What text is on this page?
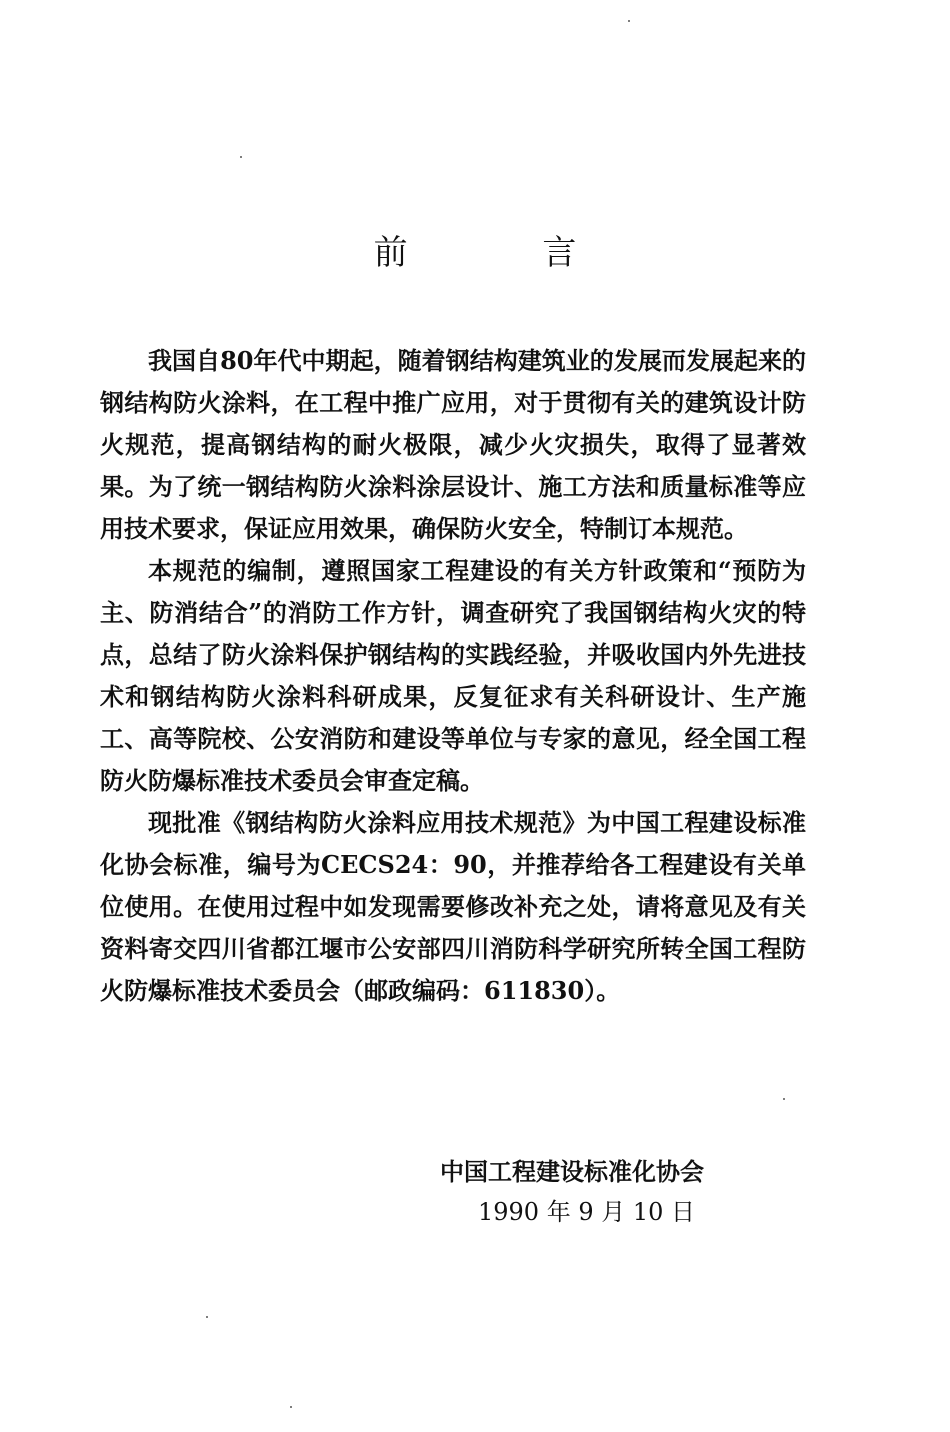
前 言

我国自80年代中期起，随着钢结构建筑业的发展而发展起来的钢结构防火涂料，在工程中推广应用，对于贯彻有关的建筑设计防火规范，提高钢结构的耐火极限，减少火灾损失，取得了显著效果。为了统一钢结构防火涂料涂层设计、施工方法和质量标准等应用技术要求，保证应用效果，确保防火安全，特制订本规范。

本规范的编制，遵照国家工程建设的有关方针政策和“预防为主、防消结合”的消防工作方针，调查研究了我国钢结构火灾的特点，总结了防火涂料保护钢结构的实践经验，并吸收国内外先进技术和钢结构防火涂料科研成果，反复征求有关科研设计、生产施工、高等院校、公安消防和建设等单位与专家的意见，经全国工程防火防爆标准技术委员会审查定稿。

现批准《钢结构防火涂料应用技术规范》为中国工程建设标准化协会标准，编号为CECS24：90，并推荐给各工程建设有关单位使用。在使用过程中如发现需要修改补充之处，请将意见及有关资料寄交四川省都江堰市公安部四川消防科学研究所转全国工程防火防爆标准技术委员会（邮政编码：611830）。

中国工程建设标准化协会
1990 年 9 月 10 日
